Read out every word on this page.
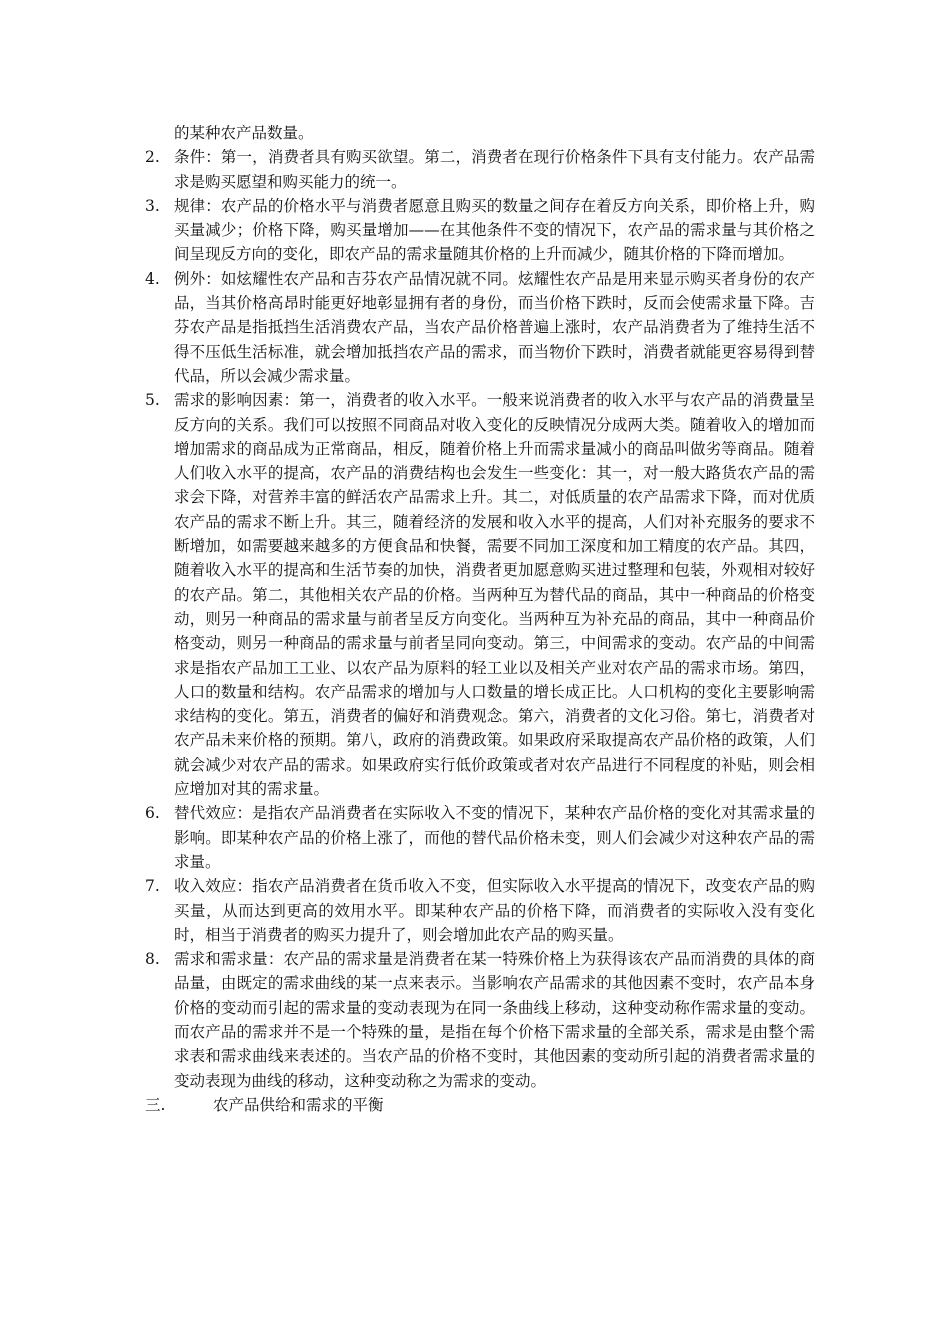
的某种农产品数量。

2. 条件：第一，消费者具有购买欲望。第二，消费者在现行价格条件下具有支付能力。农产品需求是购买愿望和购买能力的统一。

3. 规律：农产品的价格水平与消费者愿意且购买的数量之间存在着反方向关系，即价格上升，购买量减少；价格下降，购买量增加——在其他条件不变的情况下，农产品的需求量与其价格之间呈现反方向的变化，即农产品的需求量随其价格的上升而减少，随其价格的下降而增加。

4. 例外：如炫耀性农产品和吉芬农产品情况就不同。炫耀性农产品是用来显示购买者身份的农产品，当其价格高昂时能更好地彰显拥有者的身份，而当价格下跌时，反而会使需求量下降。吉芬农产品是指抵挡生活消费农产品，当农产品价格普遍上涨时，农产品消费者为了维持生活不得不压低生活标准，就会增加抵挡农产品的需求，而当物价下跌时，消费者就能更容易得到替代品，所以会减少需求量。

5. 需求的影响因素：第一，消费者的收入水平。一般来说消费者的收入水平与农产品的消费量呈反方向的关系。我们可以按照不同商品对收入变化的反映情况分成两大类。随着收入的增加而增加需求的商品成为正常商品，相反，随着价格上升而需求量减小的商品叫做劣等商品。随着人们收入水平的提高，农产品的消费结构也会发生一些变化：其一，对一般大路货农产品的需求会下降，对营养丰富的鲜活农产品需求上升。其二，对低质量的农产品需求下降，而对优质农产品的需求不断上升。其三，随着经济的发展和收入水平的提高，人们对补充服务的要求不断增加，如需要越来越多的方便食品和快餐，需要不同加工深度和加工精度的农产品。其四，随着收入水平的提高和生活节奏的加快，消费者更加愿意购买进过整理和包装，外观相对较好的农产品。第二，其他相关农产品的价格。当两种互为替代品的商品，其中一种商品的价格变动，则另一种商品的需求量与前者呈反方向变化。当两种互为补充品的商品，其中一种商品价格变动，则另一种商品的需求量与前者呈同向变动。第三，中间需求的变动。农产品的中间需求是指农产品加工工业、以农产品为原料的轻工业以及相关产业对农产品的需求市场。第四，人口的数量和结构。农产品需求的增加与人口数量的增长成正比。人口机构的变化主要影响需求结构的变化。第五，消费者的偏好和消费观念。第六，消费者的文化习俗。第七，消费者对农产品未来价格的预期。第八，政府的消费政策。如果政府采取提高农产品价格的政策，人们就会减少对农产品的需求。如果政府实行低价政策或者对农产品进行不同程度的补贴，则会相应增加对其的需求量。

6. 替代效应：是指农产品消费者在实际收入不变的情况下，某种农产品价格的变化对其需求量的影响。即某种农产品的价格上涨了，而他的替代品价格未变，则人们会减少对这种农产品的需求量。

7. 收入效应：指农产品消费者在货币收入不变，但实际收入水平提高的情况下，改变农产品的购买量，从而达到更高的效用水平。即某种农产品的价格下降，而消费者的实际收入没有变化时，相当于消费者的购买力提升了，则会增加此农产品的购买量。

8. 需求和需求量：农产品的需求量是消费者在某一特殊价格上为获得该农产品而消费的具体的商品量，由既定的需求曲线的某一点来表示。当影响农产品需求的其他因素不变时，农产品本身价格的变动而引起的需求量的变动表现为在同一条曲线上移动，这种变动称作需求量的变动。 而农产品的需求并不是一个特殊的量，是指在每个价格下需求量的全部关系，需求是由整个需求表和需求曲线来表述的。当农产品的价格不变时，其他因素的变动所引起的消费者需求量的变动表现为曲线的移动，这种变动称之为需求的变动。

三.	农产品供给和需求的平衡
